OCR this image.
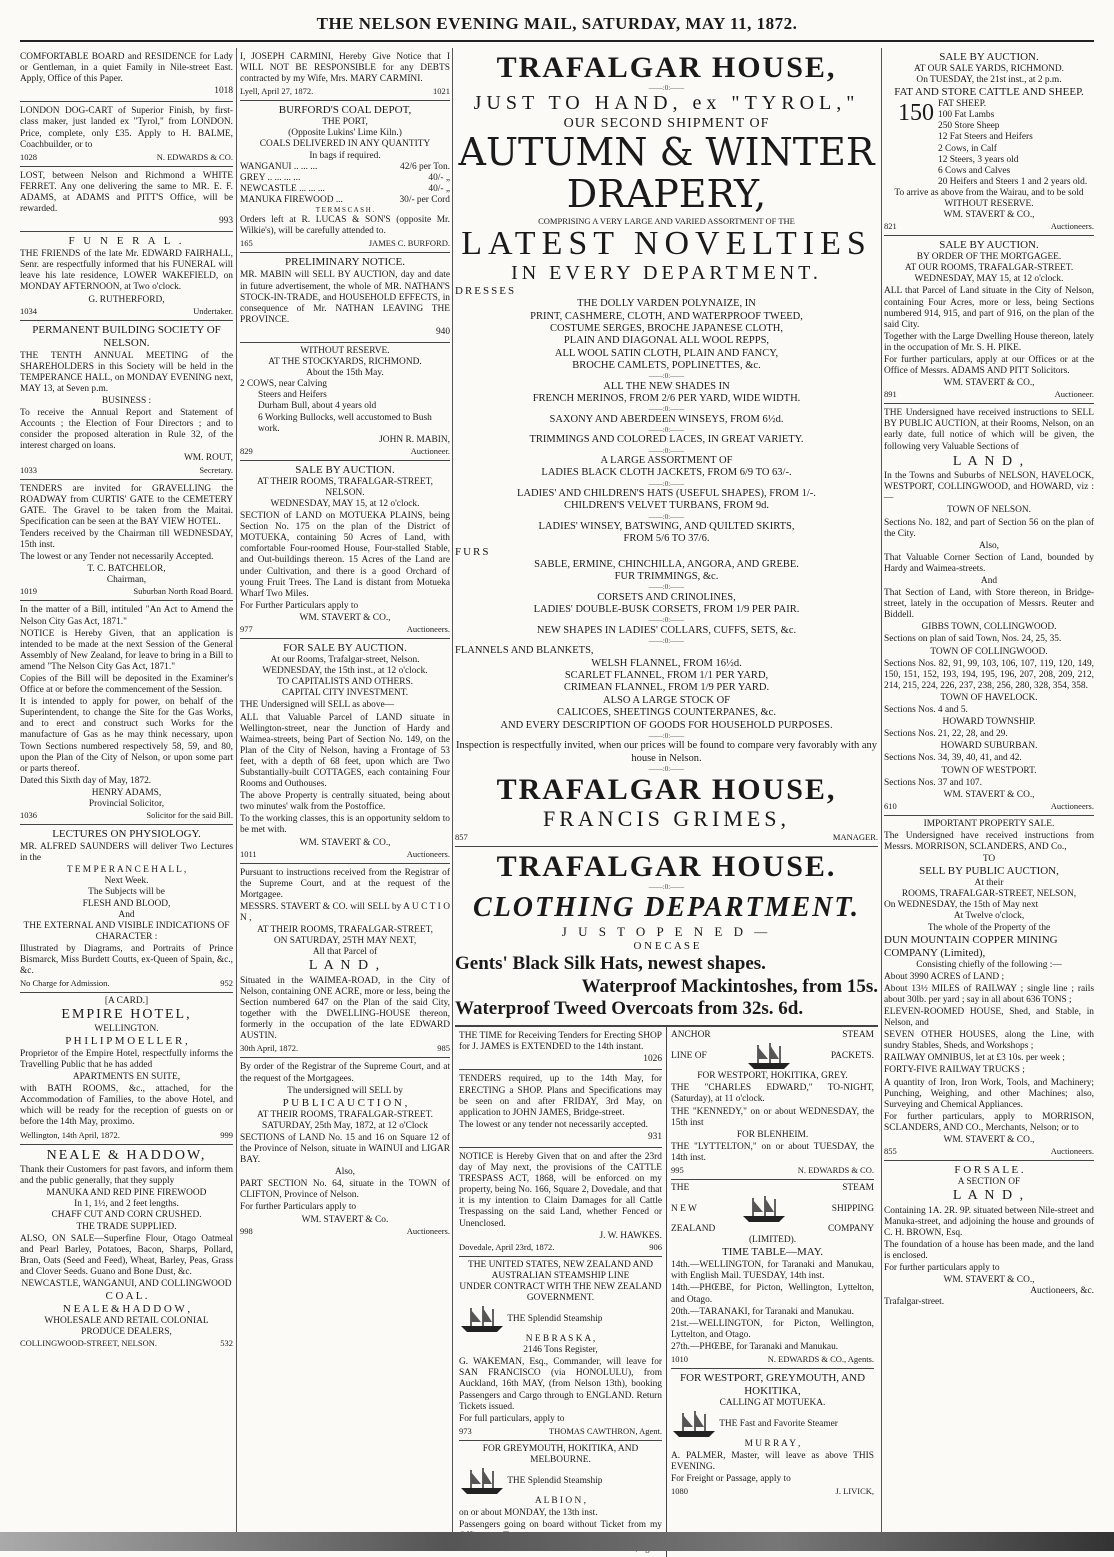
THE NELSON EVENING MAIL, SATURDAY, MAY 11, 1872.

COMFORTABLE BOARD and RESIDENCE for Lady or Gentleman, in a quiet Family in Nile-street East. Apply, Office of this Paper.

1018

LONDON DOG-CART of Superior Finish, by first-class maker, just landed ex "Tyrol," from LONDON. Price, complete, only £35. Apply to H. BALME, Coachbuilder, or to

1028	N. EDWARDS & CO.

LOST, between Nelson and Richmond a WHITE FERRET. Any one delivering the same to MR. E. F. ADAMS, at ADAMS and PITT'S Office, will be rewarded.

993
F U N E R A L .

THE FRIENDS of the late Mr. EDWARD FAIRHALL, Senr. are respectfully informed that his FUNERAL will leave his late residence, LOWER WAKEFIELD, on MONDAY AFTERNOON, at Two o'clock.

G. RUTHERFORD,
1034	Undertaker.
PERMANENT BUILDING SOCIETY OF NELSON.

THE TENTH ANNUAL MEETING of the SHAREHOLDERS in this Society will be held in the TEMPERANCE HALL, on MONDAY EVENING next, MAY 13, at Seven p.m.

BUSINESS :

To receive the Annual Report and Statement of Accounts ; the Election of Four Directors ; and to consider the proposed alteration in Rule 32, of the interest charged on loans.

WM. ROUT,
1033	Secretary.

TENDERS are invited for GRAVELLING the ROADWAY from CURTIS' GATE to the CEMETERY GATE. The Gravel to be taken from the Maitai. Specification can be seen at the BAY VIEW HOTEL.

Tenders received by the Chairman till WEDNESDAY, 15th inst.

The lowest or any Tender not necessarily Accepted.

T. C. BATCHELOR,
Chairman,
1019	Suburban North Road Board.

In the matter of a Bill, intituled "An Act to Amend the Nelson City Gas Act, 1871."

NOTICE is Hereby Given, that an application is intended to be made at the next Session of the General Assembly of New Zealand, for leave to bring in a Bill to amend "The Nelson City Gas Act, 1871."

Copies of the Bill will be deposited in the Examiner's Office at or before the commencement of the Session.

It is intended to apply for power, on behalf of the Superintendent, to change the Site for the Gas Works, and to erect and construct such Works for the manufacture of Gas as he may think necessary, upon Town Sections numbered respectively 58, 59, and 80, upon the Plan of the City of Nelson, or upon some part or parts thereof.

Dated this Sixth day of May, 1872.

HENRY ADAMS,
Provincial Solicitor,
1036	Solicitor for the said Bill.
LECTURES ON PHYSIOLOGY.

MR. ALFRED SAUNDERS will deliver Two Lectures in the

T E M P E R A N C E H A L L ,
Next Week.
The Subjects will be
FLESH AND BLOOD,
And
THE EXTERNAL AND VISIBLE INDICATIONS OF CHARACTER :

Illustrated by Diagrams, and Portraits of Prince Bismarck, Miss Burdett Coutts, ex-Queen of Spain, &c., &c.

No Charge for Admission.	952
[A CARD.]
EMPIRE HOTEL,
WELLINGTON.
P H I L I P M O E L L E R ,

Proprietor of the Empire Hotel, respectfully informs the Travelling Public that he has added

APARTMENTS EN SUITE,

with BATH ROOMS, &c., attached, for the Accommodation of Families, to the above Hotel, and which will be ready for the reception of guests on or before the 14th May, proximo.

Wellington, 14th April, 1872.	999
NEALE & HADDOW,

Thank their Customers for past favors, and inform them and the public generally, that they supply

MANUKA AND RED PINE FIREWOOD
In 1, 1½, and 2 feet lengths.
CHAFF CUT AND CORN CRUSHED.
THE TRADE SUPPLIED.

ALSO, ON SALE—Superfine Flour, Otago Oatmeal and Pearl Barley, Potatoes, Bacon, Sharps, Pollard, Bran, Oats (Seed and Feed), Wheat, Barley, Peas, Grass and Clover Seeds. Guano and Bone Dust, &c.

NEWCASTLE, WANGANUI, AND COLLINGWOOD
C O A L .
N E A L E & H A D D O W ,
WHOLESALE AND RETAIL COLONIAL
PRODUCE DEALERS,
COLLINGWOOD-STREET, NELSON.	532

I, JOSEPH CARMINI, Hereby Give Notice that I WILL NOT BE RESPONSIBLE for any DEBTS contracted by my Wife, Mrs. MARY CARMINI.

Lyell, April 27, 1872.	1021
BURFORD'S COAL DEPOT,
THE PORT,
(Opposite Lukins' Lime Kiln.)
COALS DELIVERED IN ANY QUANTITY
In bags if required.
WANGANUI .. ... ...	42/6 per Ton.
GREY .. ... ... ...	40/- „
NEWCASTLE ... ... ...	40/- „
MANUKA FIREWOOD ...	30/- per Cord
T E R M S C A S H .

Orders left at R. LUCAS & SON'S (opposite Mr. Wilkie's), will be carefully attended to.

165	JAMES C. BURFORD.
PRELIMINARY NOTICE.

MR. MABIN will SELL BY AUCTION, day and date in future advertisement, the whole of MR. NATHAN'S STOCK-IN-TRADE, and HOUSEHOLD EFFECTS, in consequence of Mr. NATHAN LEAVING THE PROVINCE.

940
WITHOUT RESERVE.
AT THE STOCKYARDS, RICHMOND.
About the 15th May.
2 COWS, near Calving
Steers and Heifers
Durham Bull, about 4 years old
6 Working Bullocks, well accustomed to Bush work.
JOHN R. MABIN,
829	Auctioneer.
SALE BY AUCTION.
AT THEIR ROOMS, TRAFALGAR-STREET, NELSON.
WEDNESDAY, MAY 15, at 12 o'clock.

SECTION of LAND on MOTUEKA PLAINS, being Section No. 175 on the plan of the District of MOTUEKA, containing 50 Acres of Land, with comfortable Four-roomed House, Four-stalled Stable, and Out-buildings thereon. 15 Acres of the Land are under Cultivation, and there is a good Orchard of young Fruit Trees. The Land is distant from Motueka Wharf Two Miles.

For Further Particulars apply to

WM. STAVERT & CO.,
977	Auctioneers.
FOR SALE BY AUCTION.
At our Rooms, Trafalgar-street, Nelson.
WEDNESDAY, the 15th inst., at 12 o'clock.
TO CAPITALISTS AND OTHERS.
CAPITAL CITY INVESTMENT.

THE Undersigned will SELL as above—

ALL that Valuable Parcel of LAND situate in Wellington-street, near the Junction of Hardy and Waimea-streets, being Part of Section No. 149, on the Plan of the City of Nelson, having a Frontage of 53 feet, with a depth of 68 feet, upon which are Two Substantially-built COTTAGES, each containing Four Rooms and Outhouses.

The above Property is centrally situated, being about two minutes' walk from the Postoffice.

To the working classes, this is an opportunity seldom to be met with.

WM. STAVERT & CO.,
1011	Auctioneers.

Pursuant to instructions received from the Registrar of the Supreme Court, and at the request of the Mortgagee.

MESSRS. STAVERT & CO. will SELL by A U C T I O N ,

AT THEIR ROOMS, TRAFALGAR-STREET,
ON SATURDAY, 25TH MAY NEXT,
All that Parcel of
L A N D ,

Situated in the WAIMEA-ROAD, in the City of Nelson, containing ONE ACRE, more or less, being the Section numbered 647 on the Plan of the said City, together with the DWELLING-HOUSE thereon, formerly in the occupation of the late EDWARD AUSTIN.

30th April, 1872.	985

By order of the Registrar of the Supreme Court, and at the request of the Mortgagees.

The undersigned will SELL by
P U B L I C A U C T I O N ,
AT THEIR ROOMS, TRAFALGAR-STREET.
SATURDAY, 25th May, 1872, at 12 o'Clock

SECTIONS of LAND No. 15 and 16 on Square 12 of the Province of Nelson, situate in WAINUI and LIGAR BAY.

Also,

PART SECTION No. 64, situate in the TOWN of CLIFTON, Province of Nelson.

For further Particulars apply to

WM. STAVERT & Co.
998	Auctioneers.
TRAFALGAR HOUSE,
——:0:——
JUST TO HAND, ex "TYROL,"
OUR SECOND SHIPMENT OF
AUTUMN & WINTER DRAPERY,
COMPRISING A VERY LARGE AND VARIED ASSORTMENT OF THE
LATEST NOVELTIES
IN EVERY DEPARTMENT.
DRESSES
THE DOLLY VARDEN POLYNAIZE, IN
PRINT, CASHMERE, CLOTH, AND WATERPROOF TWEED,
COSTUME SERGES, BROCHE JAPANESE CLOTH,
PLAIN AND DIAGONAL ALL WOOL REPPS,
ALL WOOL SATIN CLOTH, PLAIN AND FANCY,
BROCHE CAMLETS, POPLINETTES, &c.
——:0:——
ALL THE NEW SHADES IN
FRENCH MERINOS, FROM 2/6 PER YARD, WIDE WIDTH.
——:0:——
SAXONY AND ABERDEEN WINSEYS, FROM 6½d.
——:0:——
TRIMMINGS AND COLORED LACES, IN GREAT VARIETY.
——:0:——
A LARGE ASSORTMENT OF
LADIES BLACK CLOTH JACKETS, FROM 6/9 TO 63/-.
——:0:——
LADIES' AND CHILDREN'S HATS (USEFUL SHAPES), FROM 1/-.
CHILDREN'S VELVET TURBANS, FROM 9d.
——:0:——
LADIES' WINSEY, BATSWING, AND QUILTED SKIRTS,
FROM 5/6 TO 37/6.
FURS
SABLE, ERMINE, CHINCHILLA, ANGORA, AND GREBE.
FUR TRIMMINGS, &c.
——:0:——
CORSETS AND CRINOLINES,
LADIES' DOUBLE-BUSK CORSETS, FROM 1/9 PER PAIR.
——:0:——
NEW SHAPES IN LADIES' COLLARS, CUFFS, SETS, &c.
——:0:——
FLANNELS AND BLANKETS,
WELSH FLANNEL, FROM 16½d.
SCARLET FLANNEL, FROM 1/1 PER YARD,
CRIMEAN FLANNEL, FROM 1/9 PER YARD.
ALSO A LARGE STOCK OF
CALICOES, SHEETINGS COUNTERPANES, &c.
AND EVERY DESCRIPTION OF GOODS FOR HOUSEHOLD PURPOSES.
——:0:——
Inspection is respectfully invited, when our prices will be found to compare very favorably with any house in Nelson.
——:0:——
TRAFALGAR HOUSE,
FRANCIS GRIMES,
857	MANAGER.
TRAFALGAR HOUSE.
——:0:——
CLOTHING DEPARTMENT.
J U S T O P E N E D —
O N E C A S E
Gents' Black Silk Hats, newest shapes.
Waterproof Mackintoshes, from 15s.
Waterproof Tweed Overcoats from 32s. 6d.

THE TIME for Receiving Tenders for Erecting SHOP for J. JAMES is EXTENDED to the 14th instant.

1026

TENDERS required, up to the 14th May, for ERECTING a SHOP. Plans and Specifications may be seen on and after FRIDAY, 3rd May, on application to JOHN JAMES, Bridge-street.

The lowest or any tender not necessarily accepted.

931

NOTICE is Hereby Given that on and after the 23rd day of May next, the provisions of the CATTLE TRESPASS ACT, 1868, will be enforced on my property, being No. 166, Square 2, Dovedale, and that it is my intention to Claim Damages for all Cattle Trespassing on the said Land, whether Fenced or Unenclosed.

J. W. HAWKES.
Dovedale, April 23rd, 1872.	906
THE UNITED STATES, NEW ZEALAND AND AUSTRALIAN STEAMSHIP LINE
UNDER CONTRACT WITH THE NEW ZEALAND GOVERNMENT.
THE Splendid Steamship
N E B R A S K A ,
2146 Tons Register,

G. WAKEMAN, Esq., Commander, will leave for SAN FRANCISCO (via HONOLULU), from Auckland, 16th MAY, (from Nelson 13th), booking Passengers and Cargo through to ENGLAND. Return Tickets issued.

For full particulars, apply to

973	THOMAS CAWTHRON, Agent.
FOR GREYMOUTH, HOKITIKA, AND MELBOURNE.
THE Splendid Steamship
A L B I O N ,

on or about MONDAY, the 13th inst.

Passengers going on board without Ticket from my

ANCHOR	STEAM
LINE OF	PACKETS.
FOR WESTPORT, HOKITIKA, GREY.

THE "CHARLES EDWARD," TO-NIGHT, (Saturday), at 11 o'clock.

THE "KENNEDY," on or about WEDNESDAY, the 15th inst

FOR BLENHEIM.

THE "LYTTELTON," on or about TUESDAY, the 14th inst.

995	N. EDWARDS & CO.
THE	STEAM
N E W	SHIPPING
ZEALAND	COMPANY
(LIMITED).
TIME TABLE—MAY.

14th.—WELLINGTON, for Taranaki and Manukau, with English Mail. TUESDAY, 14th inst.

14th.—PHŒBE, for Picton, Wellington, Lyttelton, and Otago.

20th.—TARANAKI, for Taranaki and Manukau.

21st.—WELLINGTON, for Picton, Wellington, Lyttelton, and Otago.

27th.—PHŒBE, for Taranaki and Manukau.

1010	N. EDWARDS & CO., Agents.
FOR WESTPORT, GREYMOUTH, AND HOKITIKA,
CALLING AT MOTUEKA.
THE Fast and Favorite Steamer
M U R R A Y ,

A. PALMER, Master, will leave as above THIS EVENING.

For Freight or Passage, apply to

1080	J. LIVICK,
SALE BY AUCTION.
AT OUR SALE YARDS, RICHMOND.
On TUESDAY, the 21st inst., at 2 p.m.
FAT AND STORE CATTLE AND SHEEP.
150 FAT SHEEP.
100 Fat Lambs
250 Store Sheep
12 Fat Steers and Heifers
2 Cows, in Calf
12 Steers, 3 years old
6 Cows and Calves
20 Heifers and Steers 1 and 2 years old.
To arrive as above from the Wairau, and to be sold
WITHOUT RESERVE.
WM. STAVERT & CO.,
821	Auctioneers.
SALE BY AUCTION.
BY ORDER OF THE MORTGAGEE.
AT OUR ROOMS, TRAFALGAR-STREET.
WEDNESDAY, MAY 15, at 12 o'clock.

ALL that Parcel of Land situate in the City of Nelson, containing Four Acres, more or less, being Sections numbered 914, 915, and part of 916, on the plan of the said City.

Together with the Large Dwelling House thereon, lately in the occupation of Mr. S. H. PIKE.

For further particulars, apply at our Offices or at the Office of Messrs. ADAMS AND PITT Solicitors.

WM. STAVERT & CO.,
891	Auctioneer.

THE Undersigned have received instructions to SELL BY PUBLIC AUCTION, at their Rooms, Nelson, on an early date, full notice of which will be given, the following very Valuable Sections of

L A N D ,

In the Towns and Suburbs of NELSON, HAVELOCK, WESTPORT, COLLINGWOOD, and HOWARD, viz :—

TOWN OF NELSON.

Sections No. 182, and part of Section 56 on the plan of the City.

Also,

That Valuable Corner Section of Land, bounded by Hardy and Waimea-streets.

And

That Section of Land, with Store thereon, in Bridge-street, lately in the occupation of Messrs. Reuter and Biddell.

GIBBS TOWN, COLLINGWOOD.

Sections on plan of said Town, Nos. 24, 25, 35.

TOWN OF COLLINGWOOD.

Sections Nos. 82, 91, 99, 103, 106, 107, 119, 120, 149, 150, 151, 152, 193, 194, 195, 196, 207, 208, 209, 212, 214, 215, 224, 226, 237, 238, 256, 280, 328, 354, 358.

TOWN OF HAVELOCK.

Sections Nos. 4 and 5.

HOWARD TOWNSHIP.

Sections Nos. 21, 22, 28, and 29.

HOWARD SUBURBAN.

Sections Nos. 34, 39, 40, 41, and 42.

TOWN OF WESTPORT.

Sections Nos. 37 and 107.

WM. STAVERT & CO.,
610	Auctioneers.
IMPORTANT PROPERTY SALE.

The Undersigned have received instructions from Messrs. MORRISON, SCLANDERS, AND Co.,

TO
SELL BY PUBLIC AUCTION,
At their
ROOMS, TRAFALGAR-STREET, NELSON,
On WEDNESDAY, the 15th of May next
At Twelve o'clock,
The whole of the Property of the
DUN MOUNTAIN COPPER MINING COMPANY (Limited),
Consisting chiefly of the following :—

About 3990 ACRES of LAND ;

About 13½ MILES of RAILWAY ; single line ; rails about 30lb. per yard ; say in all about 636 TONS ;

ELEVEN-ROOMED HOUSE, Shed, and Stable, in Nelson, and

SEVEN OTHER HOUSES, along the Line, with sundry Stables, Sheds, and Workshops ;

RAILWAY OMNIBUS, let at £3 10s. per week ;

FORTY-FIVE RAILWAY TRUCKS ;

A quantity of Iron, Iron Work, Tools, and Machinery; Punching, Weighing, and other Machines; also, Surveying and Chemical Appliances.

For further particulars, apply to MORRISON, SCLANDERS, AND CO., Merchants, Nelson; or to

WM. STAVERT & CO.,
855	Auctioneers.
F O R S A L E .
A SECTION OF
L A N D ,

Containing 1A. 2R. 9P. situated between Nile-street and Manuka-street, and adjoining the house and grounds of C. H. BROWN, Esq.

The foundation of a house has been made, and the land is enclosed.

For further particulars apply to

WM. STAVERT & CO.,
Auctioneers, &c.
Trafalgar-street.
